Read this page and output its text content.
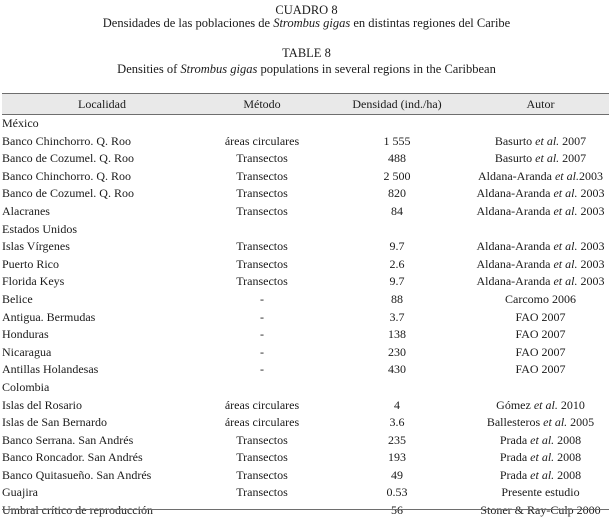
CUADRO 8
Densidades de las poblaciones de Strombus gigas en distintas regiones del Caribe
TABLE 8
Densities of Strombus gigas populations in several regions in the Caribbean
Localidad	Método	Densidad (ind./ha)	Autor
México			
Banco Chinchorro. Q. Roo	áreas circulares	1 555	Basurto et al. 2007
Banco de Cozumel. Q. Roo	Transectos	488	Basurto et al. 2007
Banco Chinchorro. Q. Roo	Transectos	2 500	Aldana-Aranda et al.2003
Banco de Cozumel. Q. Roo	Transectos	820	Aldana-Aranda et al. 2003
Alacranes	Transectos	84	Aldana-Aranda et al. 2003
Estados Unidos			
Islas Vírgenes	Transectos	9.7	Aldana-Aranda et al. 2003
Puerto Rico	Transectos	2.6	Aldana-Aranda et al. 2003
Florida Keys	Transectos	9.7	Aldana-Aranda et al. 2003
Belice	-	88	Carcomo 2006
Antigua. Bermudas	-	3.7	FAO 2007
Honduras	-	138	FAO 2007
Nicaragua	-	230	FAO 2007
Antillas Holandesas	-	430	FAO 2007
Colombia			
Islas del Rosario	áreas circulares	4	Gómez et al. 2010
Islas de San Bernardo	áreas circulares	3.6	Ballesteros et al. 2005
Banco Serrana. San Andrés	Transectos	235	Prada et al. 2008
Banco Roncador. San Andrés	Transectos	193	Prada et al. 2008
Banco Quitasueño. San Andrés	Transectos	49	Prada et al. 2008
Guajira	Transectos	0.53	Presente estudio
Umbral crítico de reproducción		56	Stoner & Ray-Culp 2000
